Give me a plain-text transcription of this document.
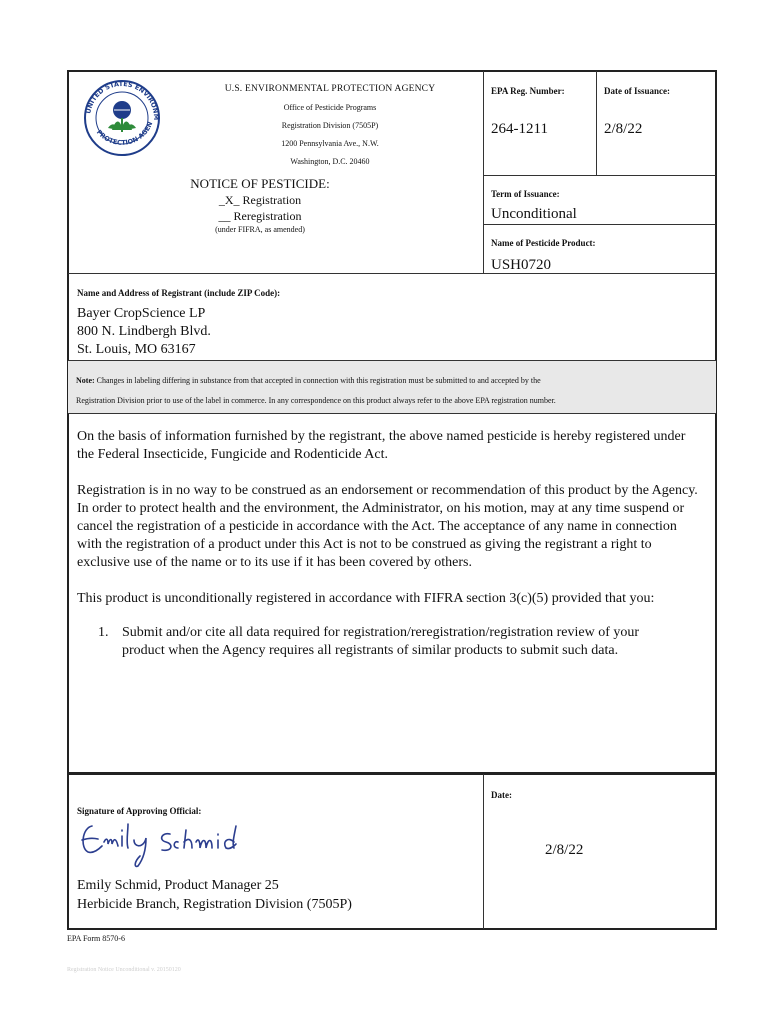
UNITED STATES ENVIRONM
PROTECTION AGEN
U.S. ENVIRONMENTAL PROTECTION AGENCY
Office of Pesticide Programs
Registration Division (7505P)
1200 Pennsylvania Ave., N.W.
Washington, D.C. 20460
NOTICE OF PESTICIDE:
_X_ Registration
__ Reregistration
(under FIFRA, as amended)
EPA Reg. Number:
264-1211
Date of Issuance:
2/8/22
Term of Issuance:
Unconditional
Name of Pesticide Product:
USH0720
Name and Address of Registrant (include ZIP Code):
Bayer CropScience LP
800 N. Lindbergh Blvd.
St. Louis, MO 63167
Note: Changes in labeling differing in substance from that accepted in connection with this registration must be submitted to and accepted by the
Registration Division prior to use of the label in commerce. In any correspondence on this product always refer to the above EPA registration number.
On the basis of information furnished by the registrant, the above named pesticide is hereby registered under the Federal Insecticide, Fungicide and Rodenticide Act.
Registration is in no way to be construed as an endorsement or recommendation of this product by the Agency. In order to protect health and the environment, the Administrator, on his motion, may at any time suspend or cancel the registration of a pesticide in accordance with the Act. The acceptance of any name in connection with the registration of a product under this Act is not to be construed as giving the registrant a right to exclusive use of the name or to its use if it has been covered by others.
This product is unconditionally registered in accordance with FIFRA section 3(c)(5) provided that you:
1. Submit and/or cite all data required for registration/reregistration/registration review of your product when the Agency requires all registrants of similar products to submit such data.
Signature of Approving Official:
Emily Schmid, Product Manager 25
Herbicide Branch, Registration Division (7505P)
Date:
2/8/22
EPA Form 8570-6
Registration Notice Unconditional v. 20150120
